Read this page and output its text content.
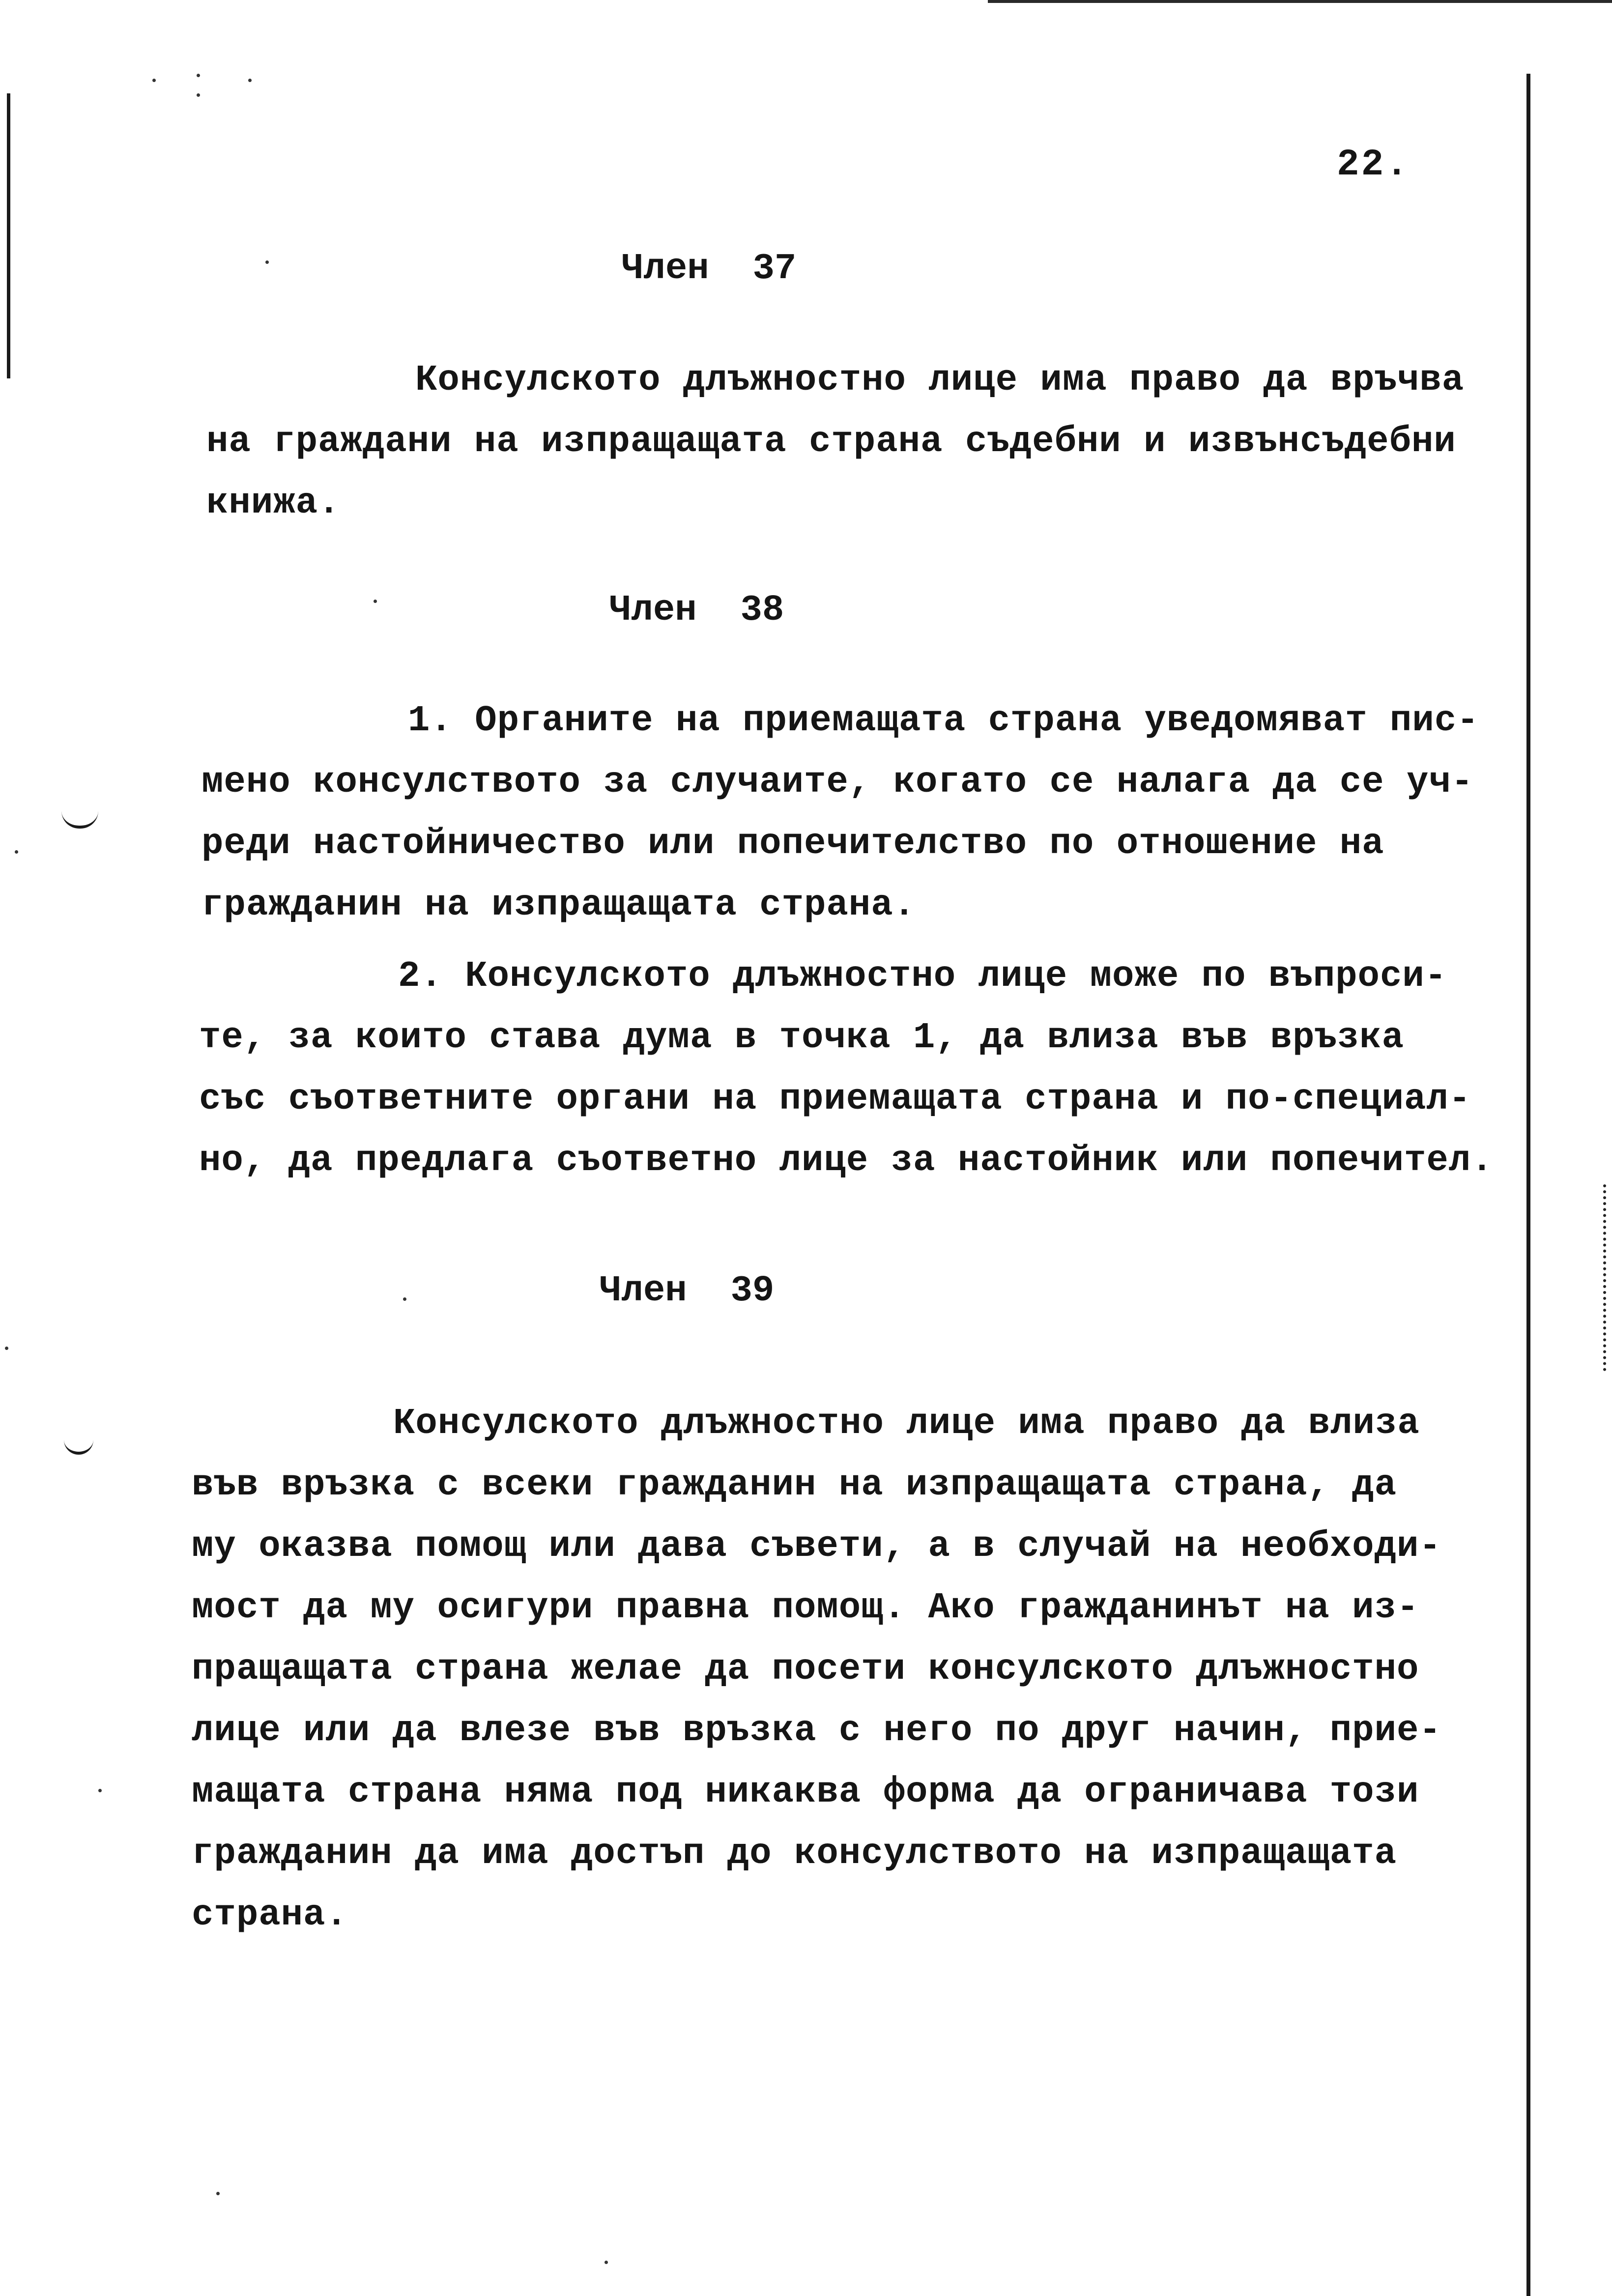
22.

Член  37

Консулското длъжностно лице има право да връчва
на граждани на изпращащата страна съдебни и извънсъдебни
книжа.

Член  38

1. Органите на приемащата страна уведомяват пис-
мено консулството за случаите, когато се налага да се уч-
реди настойничество или попечителство по отношение на
гражданин на изпращащата страна.

2. Консулското длъжностно лице може по въпроси-
те, за които става дума в точка 1, да влиза във връзка
със съответните органи на приемащата страна и по-специал-
но, да предлага съответно лице за настойник или попечител.

Член  39

Консулското длъжностно лице има право да влиза
във връзка с всеки гражданин на изпращащата страна, да
му оказва помощ или дава съвети, а в случай на необходи-
мост да му осигури правна помощ. Ако гражданинът на из-
пращащата страна желае да посети консулското длъжностно
лице или да влезе във връзка с него по друг начин, прие-
мащата страна няма под никаква форма да ограничава този
гражданин да има достъп до консулството на изпращащата
страна.
